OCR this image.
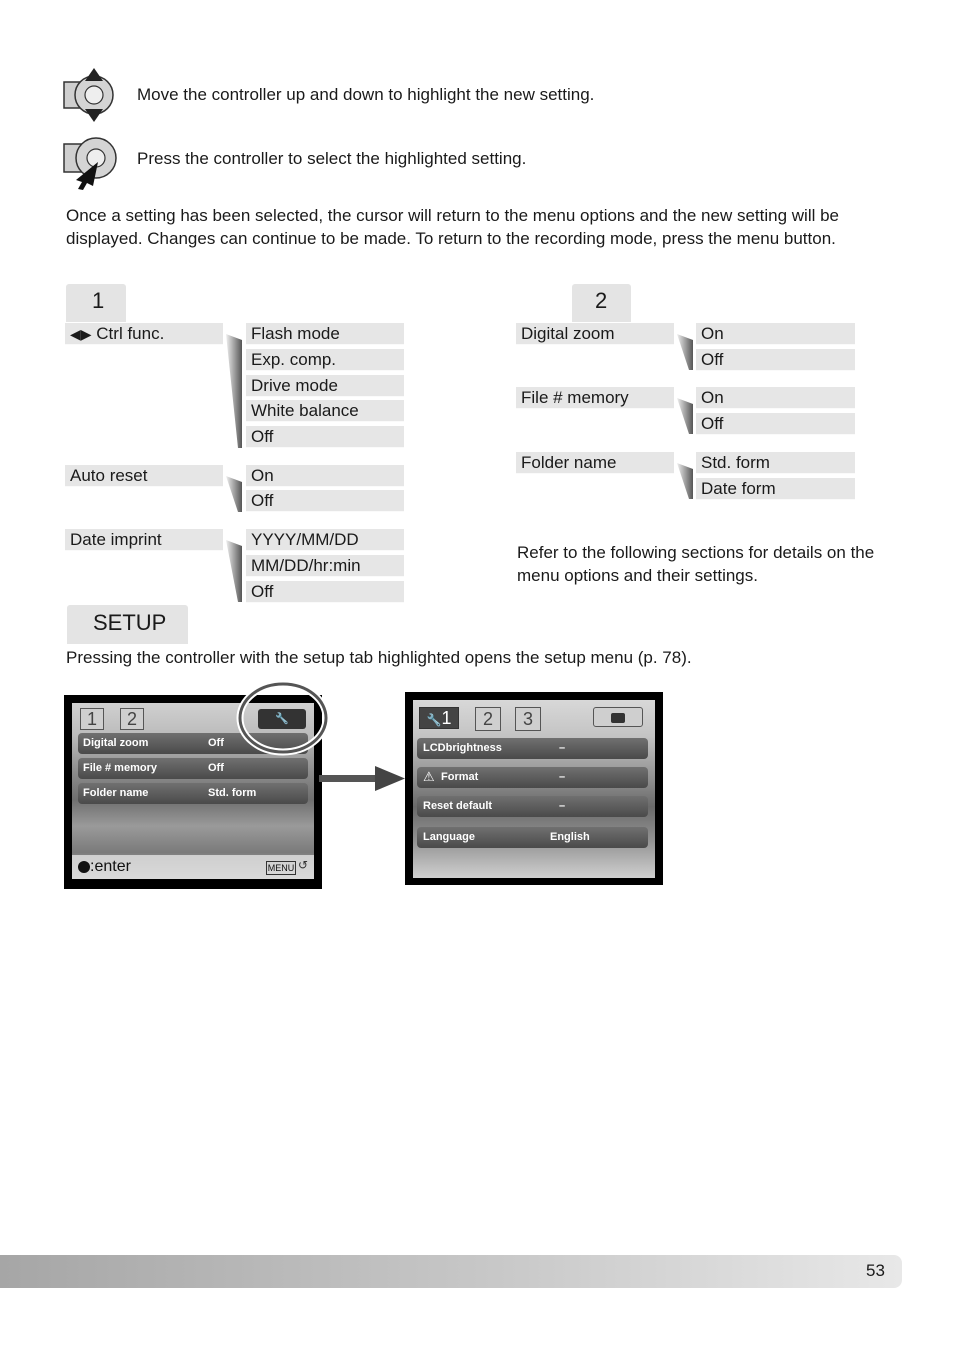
Move the controller up and down to highlight the new setting.
Press the controller to select the highlighted setting.
Once a setting has been selected, the cursor will return to the menu options and the new setting will be displayed. Changes can continue to be made. To return to the recording mode, press the menu button.
1
◀▶ Ctrl func.	Flash mode
Exp. comp.
Drive mode
White balance
Off
Auto reset	On
Off
Date imprint	YYYY/MM/DD
MM/DD/hr:min
Off
2
Digital zoom	On
Off
File # memory	On
Off
Folder name	Std. form
Date form
Refer to the following sections for details on the menu options and their settings.
SETUP
Pressing the controller with the setup tab highlighted opens the setup menu (p. 78).
1	2	🔧
Digital zoom	Off
File # memory	Off
Folder name	Std. form
:enter	MENU ↺
🔧1	2	3
LCDbrightness	–
⚠ Format	–
Reset default	–
Language	English
53
